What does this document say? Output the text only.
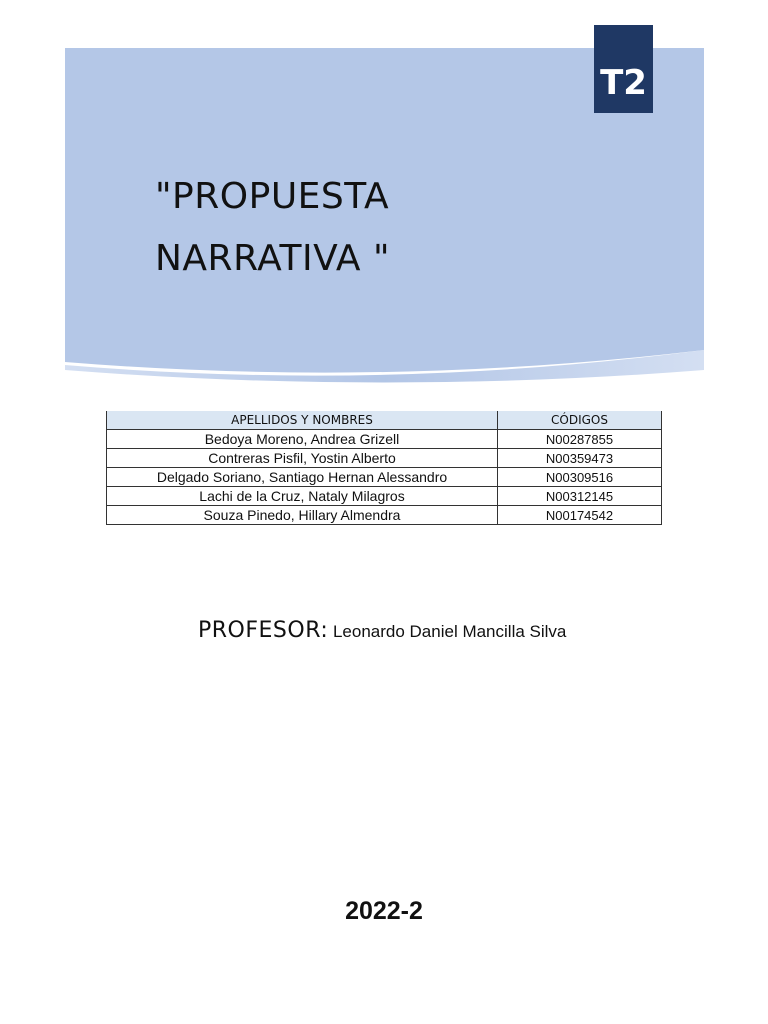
T2
"PROPUESTA
NARRATIVA "
APELLIDOS Y NOMBRES	CÓDIGOS
Bedoya Moreno, Andrea Grizell	N00287855
Contreras Pisfil, Yostin Alberto	N00359473
Delgado Soriano, Santiago Hernan Alessandro	N00309516
Lachi de la Cruz, Nataly Milagros	N00312145
Souza Pinedo, Hillary Almendra	N00174542
PROFESOR: Leonardo Daniel Mancilla Silva
2022-2
